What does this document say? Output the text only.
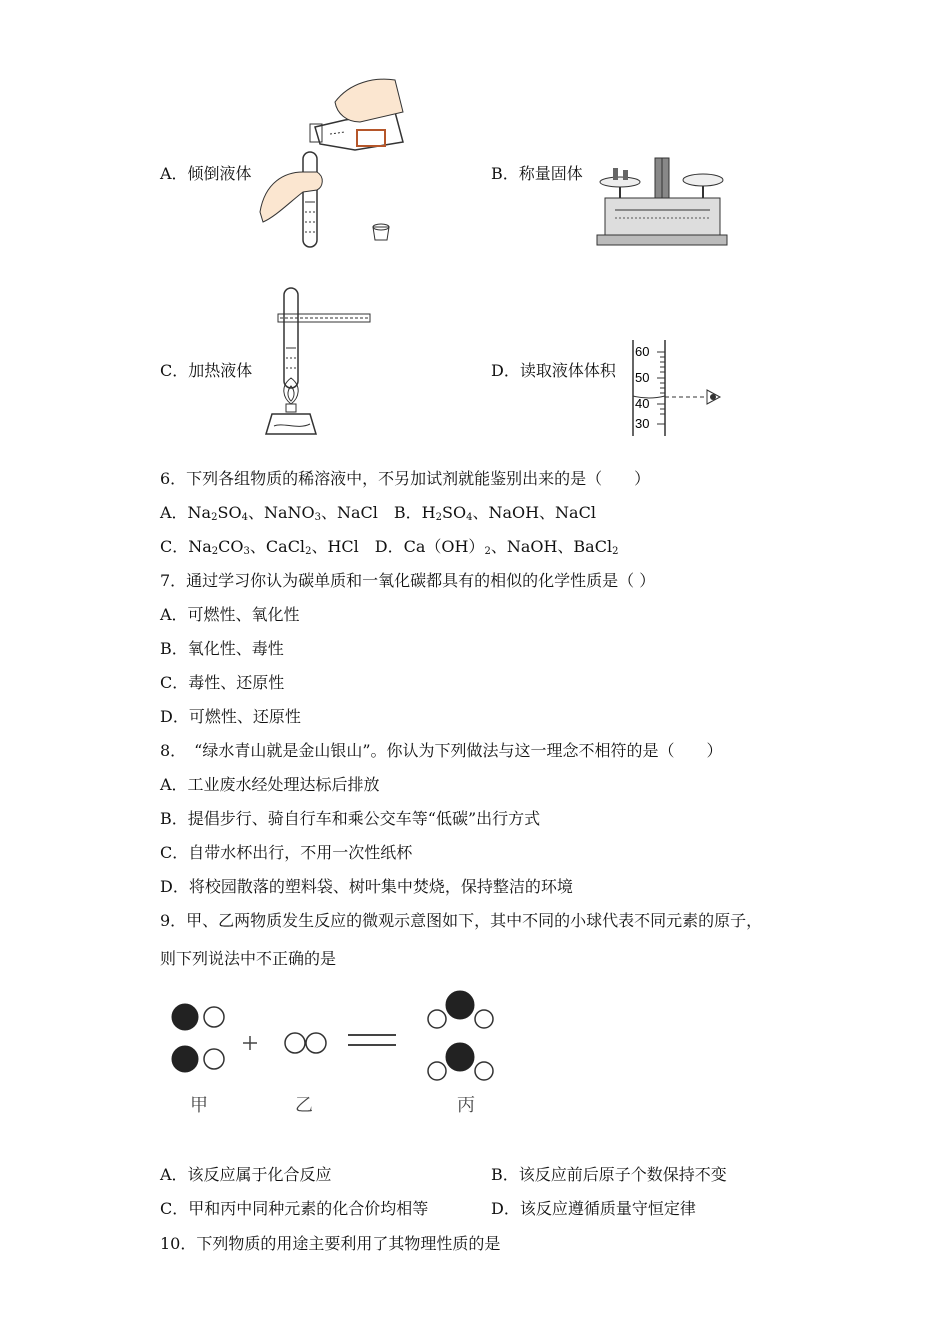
A．倾倒液体	B．称量固体
C．加热液体	D．读取液体体积
60
50
40
30
6．下列各组物质的稀溶液中，不另加试剂就能鉴别出来的是（　　）
A．$Na_2SO_4$、NaNO$_3$、NaCl　B．$H_2SO_4$、NaOH、NaCl
C．$Na_2CO_3$、CaCl$_2$、HCl　D．$Ca(OH)_2$、NaOH、BaCl$_2$
7．通过学习你认为碳单质和一氧化碳都具有的相似的化学性质是（ ）
A．可燃性、氧化性
B．氧化性、毒性
C．毒性、还原性
D．可燃性、还原性
8．　“绿水青山就是金山银山”。你认为下列做法与这一理念不相符的是（　　）
A．工业废水经处理达标后排放
B．提倡步行、骑自行车和乘公交车等“低碳”出行方式
C．自带水杯出行，不用一次性纸杯
D．将校园散落的塑料袋、树叶集中焚烧，保持整洁的环境
9．甲、乙两物质发生反应的微观示意图如下，其中不同的小球代表不同元素的原子，
则下列说法中不正确的是
甲	乙	丙
A．该反应属于化合反应	B．该反应前后原子个数保持不变
C．甲和丙中同种元素的化合价均相等	D．该反应遵循质量守恒定律
10．下列物质的用途主要利用了其物理性质的是
